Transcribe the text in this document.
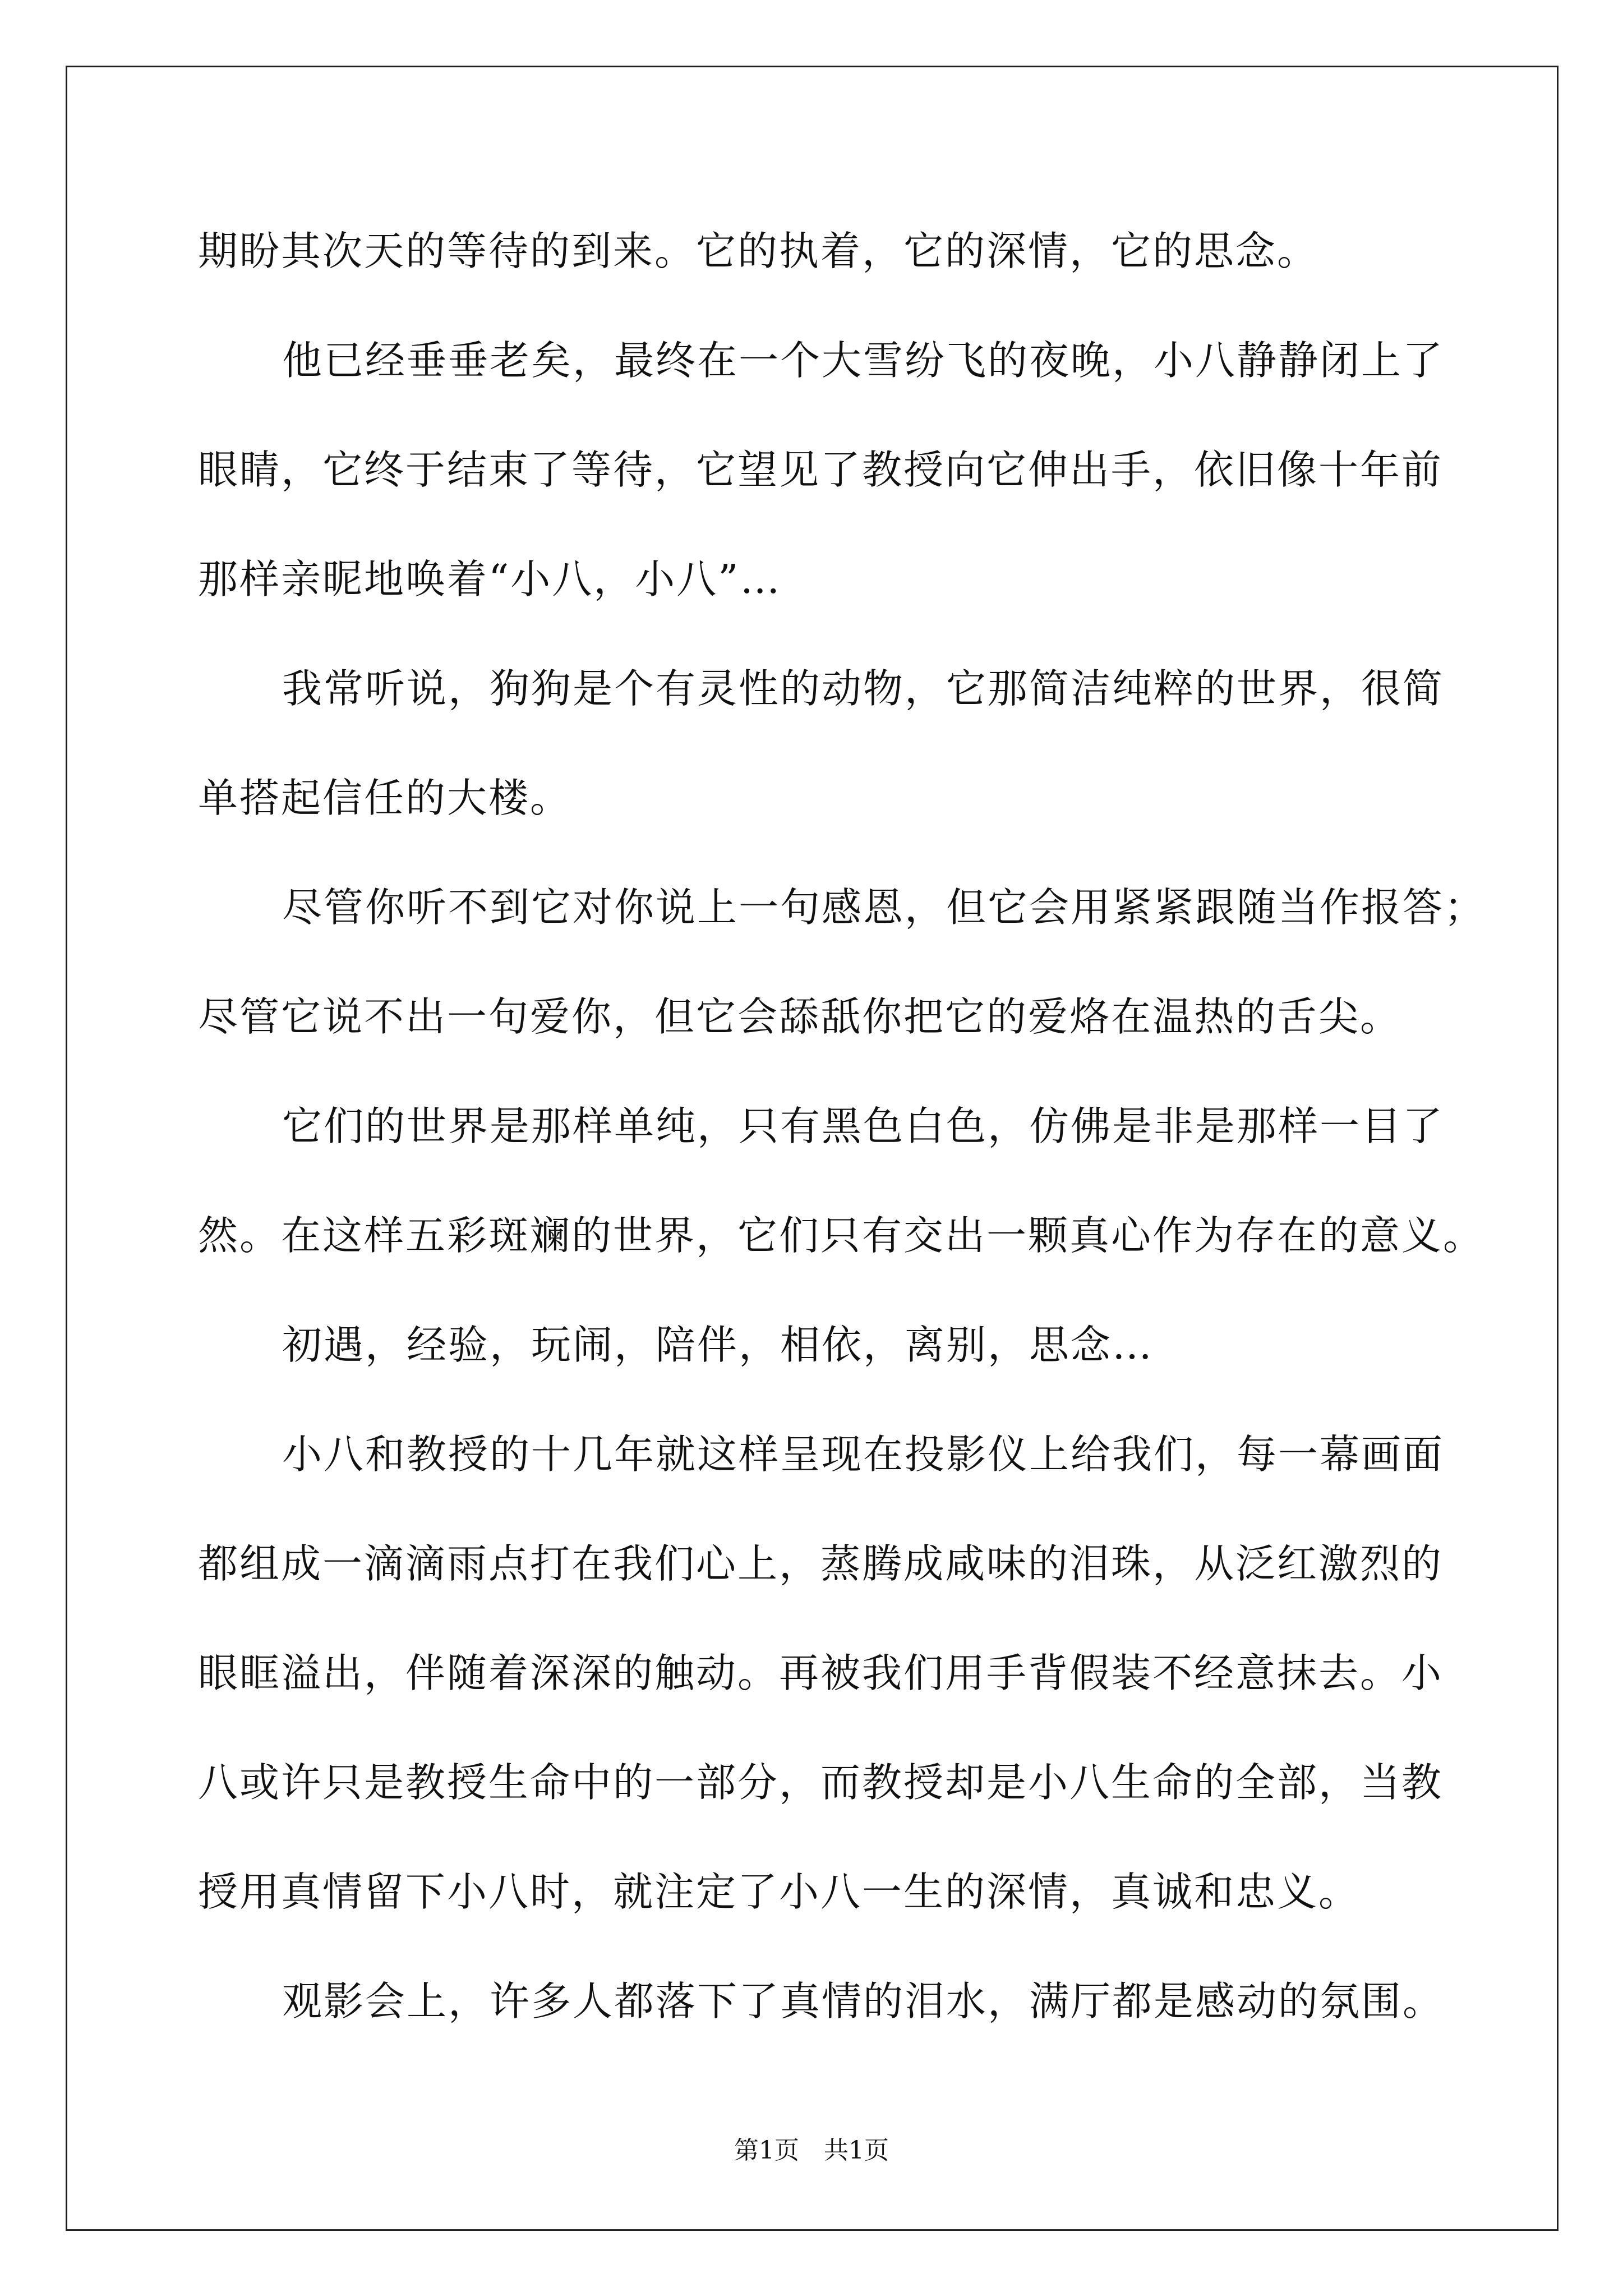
期盼其次天的等待的到来。它的执着，它的深情，它的思念。
他已经垂垂老矣，最终在一个大雪纷飞的夜晚，小八静静闭上了
眼睛，它终于结束了等待，它望见了教授向它伸出手，依旧像十年前
那样亲昵地唤着“小八，小八”…
我常听说，狗狗是个有灵性的动物，它那简洁纯粹的世界，很简
单搭起信任的大楼。
尽管你听不到它对你说上一句感恩，但它会用紧紧跟随当作报答；
尽管它说不出一句爱你，但它会舔舐你把它的爱烙在温热的舌尖。
它们的世界是那样单纯，只有黑色白色，仿佛是非是那样一目了
然。在这样五彩斑斓的世界，它们只有交出一颗真心作为存在的意义。
初遇，经验，玩闹，陪伴，相依，离别，思念…
小八和教授的十几年就这样呈现在投影仪上给我们，每一幕画面
都组成一滴滴雨点打在我们心上，蒸腾成咸味的泪珠，从泛红激烈的
眼眶溢出，伴随着深深的触动。再被我们用手背假装不经意抹去。小
八或许只是教授生命中的一部分，而教授却是小八生命的全部，当教
授用真情留下小八时，就注定了小八一生的深情，真诚和忠义。
观影会上，许多人都落下了真情的泪水，满厅都是感动的氛围。
第1页　共1页
